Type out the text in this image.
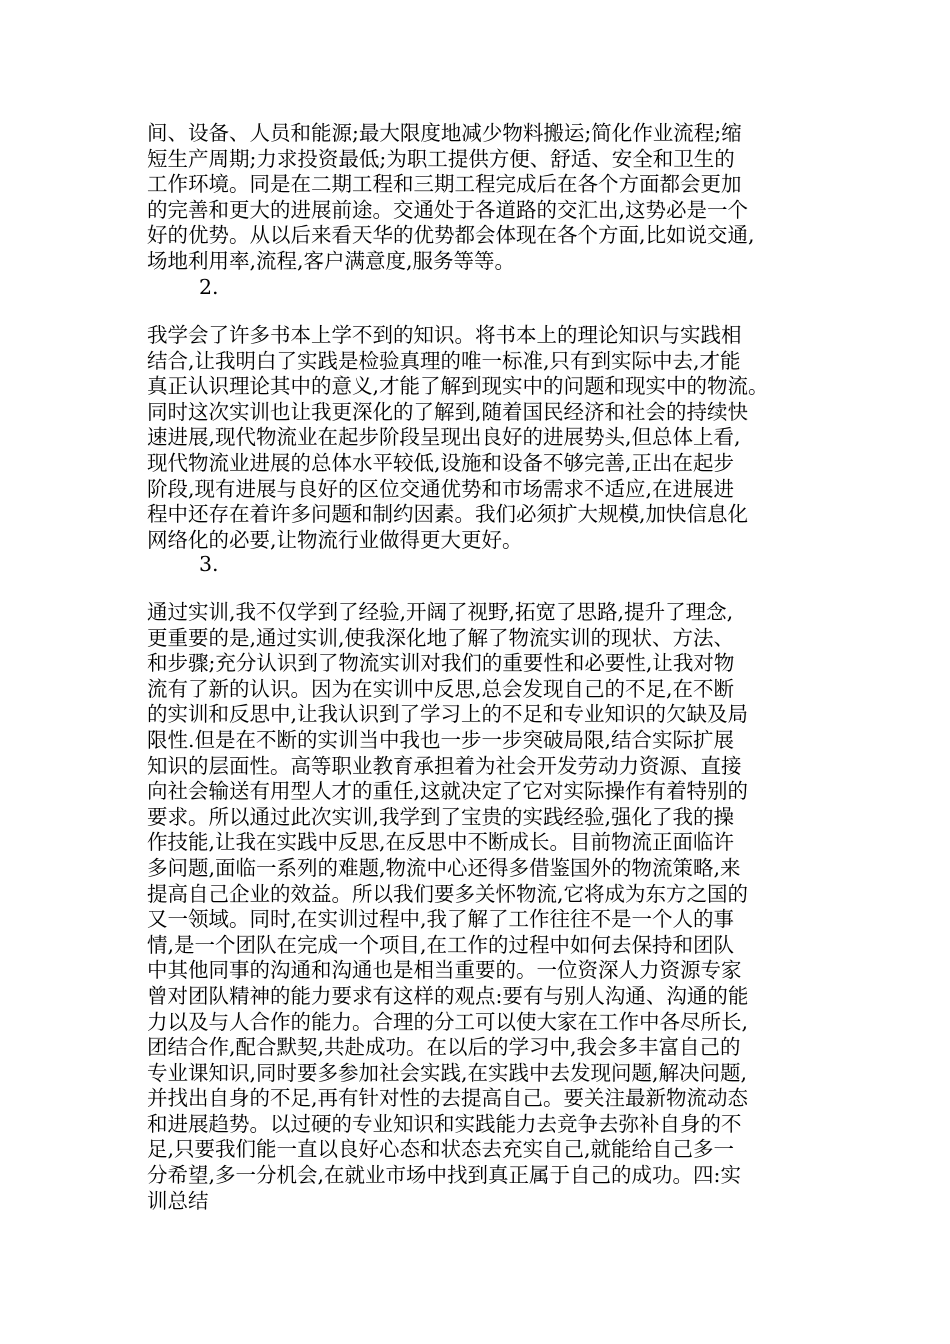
间、设备、人员和能源;最大限度地减少物料搬运;简化作业流程;缩
短生产周期;力求投资最低;为职工提供方便、舒适、安全和卫生的
工作环境。同是在二期工程和三期工程完成后在各个方面都会更加
的完善和更大的进展前途。交通处于各道路的交汇出,这势必是一个
好的优势。从以后来看天华的优势都会体现在各个方面,比如说交通,
场地利用率,流程,客户满意度,服务等等。
2.
我学会了许多书本上学不到的知识。将书本上的理论知识与实践相
结合,让我明白了实践是检验真理的唯一标准,只有到实际中去,才能
真正认识理论其中的意义,才能了解到现实中的问题和现实中的物流。
同时这次实训也让我更深化的了解到,随着国民经济和社会的持续快
速进展,现代物流业在起步阶段呈现出良好的进展势头,但总体上看,
现代物流业进展的总体水平较低,设施和设备不够完善,正出在起步
阶段,现有进展与良好的区位交通优势和市场需求不适应,在进展进
程中还存在着许多问题和制约因素。我们必须扩大规模,加快信息化
网络化的必要,让物流行业做得更大更好。
3.
通过实训,我不仅学到了经验,开阔了视野,拓宽了思路,提升了理念,
更重要的是,通过实训,使我深化地了解了物流实训的现状、方法、
和步骤;充分认识到了物流实训对我们的重要性和必要性,让我对物
流有了新的认识。因为在实训中反思,总会发现自己的不足,在不断
的实训和反思中,让我认识到了学习上的不足和专业知识的欠缺及局
限性.但是在不断的实训当中我也一步一步突破局限,结合实际扩展
知识的层面性。高等职业教育承担着为社会开发劳动力资源、直接
向社会输送有用型人才的重任,这就决定了它对实际操作有着特别的
要求。所以通过此次实训,我学到了宝贵的实践经验,强化了我的操
作技能,让我在实践中反思,在反思中不断成长。目前物流正面临许
多问题,面临一系列的难题,物流中心还得多借鉴国外的物流策略,来
提高自己企业的效益。所以我们要多关怀物流,它将成为东方之国的
又一领域。同时,在实训过程中,我了解了工作往往不是一个人的事
情,是一个团队在完成一个项目,在工作的过程中如何去保持和团队
中其他同事的沟通和沟通也是相当重要的。一位资深人力资源专家
曾对团队精神的能力要求有这样的观点:要有与别人沟通、沟通的能
力以及与人合作的能力。合理的分工可以使大家在工作中各尽所长,
团结合作,配合默契,共赴成功。在以后的学习中,我会多丰富自己的
专业课知识,同时要多参加社会实践,在实践中去发现问题,解决问题,
并找出自身的不足,再有针对性的去提高自己。要关注最新物流动态
和进展趋势。以过硬的专业知识和实践能力去竞争去弥补自身的不
足,只要我们能一直以良好心态和状态去充实自己,就能给自己多一
分希望,多一分机会,在就业市场中找到真正属于自己的成功。四:实
训总结
